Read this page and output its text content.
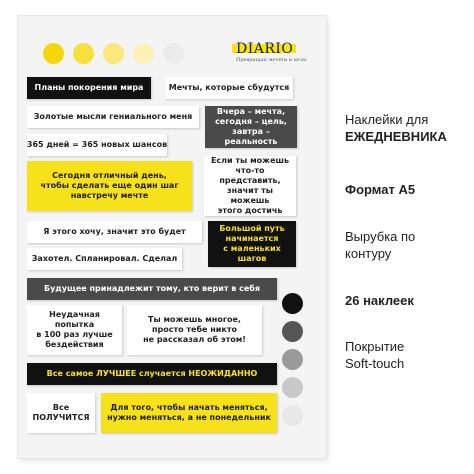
DIARIO
Превращай мечты в цели
Планы покорения мира	Мечты, которые сбудутся
Золотые мысли гениального меня
Вчера – мечта,
сегодня – цель,
завтра – реальность
365 дней = 365 новых шансов
Сегодня отличный день,
чтобы сделать еще один шаг
навстречу мечте
Если ты можешь
что-то представить,
значит ты можешь
этого достичь
Я этого хочу, значит это будет	Большой путь
начинается
с маленьких шагов
Захотел. Спланировал. Сделал
Будущее принадлежит тому, кто верит в себя
Неудачная попытка
в 100 раз лучше
бездействия
Ты можешь многое,
просто тебе никто
не рассказал об этом!
Все самое ЛУЧШЕЕ случается НЕОЖИДАННО
Все
ПОЛУЧИТСЯ
Для того, чтобы начать меняться,
нужно меняться, а не понедельник
Наклейки для
ЕЖЕДНЕВНИКА
Формат А5
Вырубка по
контуру
26 наклеек
Покрытие
Soft-touch
